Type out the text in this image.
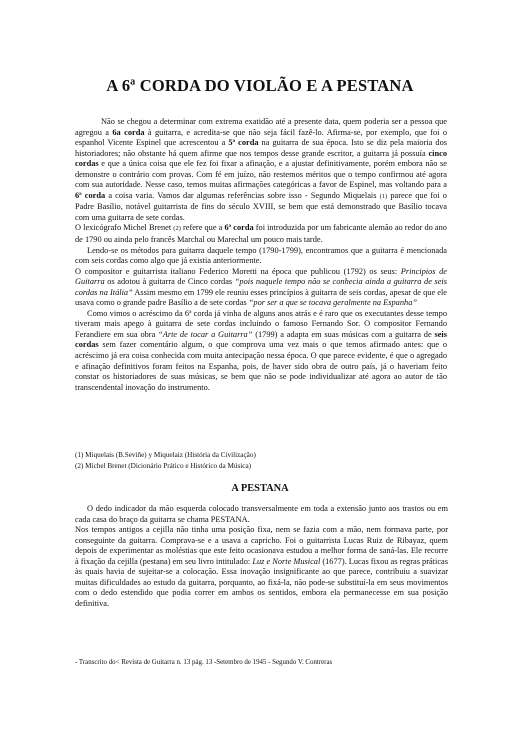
A 6ª CORDA DO VIOLÃO E A PESTANA

Não se chegou a determinar com extrema exatidão até a presente data, quem poderia ser a pessoa que agregou a 6a corda à guitarra, e acredita-se que não seja fácil fazê-lo. Afirma-se, por exemplo, que foi o espanhol Vicente Espinel que acrescentou a 5ª corda na guitarra de sua época. Isto se diz pela maioria dos historiadores; não obstante há quem afirme que nos tempos desse grande escritor, a guitarra já possuía cinco cordas e que a única coisa que ele fez foi fixar a afinação, e a ajustar definitivamente, porém embora não se demonstre o contrário com provas. Com fé em juízo, não restemos méritos que o tempo confirmou até agora com sua autoridade. Nesse caso, temos muitas afirmações categóricas a favor de Espinel, mas voltando para a 6ª corda a coisa varia. Vamos dar algumas referências sobre isso - Segundo Miquelais (1) parece que foi o Padre Basílio, notável guitarrista de fins do século XVIII, se bem que está demonstrado que Basílio tocava com uma guitarra de sete cordas.

O lexicógrafo Michel Brenet (2) refere que a 6ª corda foi introduzida por um fabricante alemão ao redor do ano de 1790 ou ainda pelo francês Marchal ou Marechal um pouco mais tarde.

Lendo-se os métodos para guitarra daquele tempo (1790-1799), encontramos que a guitarra é mencionada com seis cordas como algo que já existia anteriormente.

O compositor e guitarrista italiano Federico Moretti na época que publicou (1792) os seus: Principios de Guitarra os adotou à guitarra de Cinco cordas “pois naquele tempo não se conhecia ainda a guitarra de seis cordas na Itália” Assim mesmo em 1799 ele reuniu esses princípios à guitarra de seis cordas, apesar de que ele usava como o grande padre Basílio a de sete cordas “por ser a que se tocava geralmente na Espanha”

Como vimos o acréscimo da 6ª corda já vinha de alguns anos atrás e é raro que os executantes desse tempo tiveram mais apego à guitarra de sete cordas incluindo o famoso Fernando Sor. O compositor Fernando Ferandiere em sua obra “Arte de tocar a Guitarra” (1799) a adapta em suas músicas com a guitarra de seis cordas sem fazer comentário algum, o que comprova uma vez mais o que temos afirmado antes: que o acréscimo já era coisa conhecida com muita antecipação nessa época. O que parece evidente, é que o agregado e afinação definitivos foram feitos na Espanha, pois, de haver sido obra de outro país, já o haveriam feito constar os historiadores de suas músicas, se bem que não se pode individualizar até agora ao autor de tão transcendental inovação do instrumento.

(1) Miquelais (B.Seviñe) y Miquelaiz (História da Civilização)

(2) Michel Brenet (Dicionário Prático e Histórico da Música)

A PESTANA

O dedo indicador da mão esquerda colocado transversalmente em toda a extensão junto aos trastos ou em cada casa do braço da guitarra se chama PESTANA.

Nos tempos antigos a cejilla não tinha uma posição fixa, nem se fazia com a mão, nem formava parte, por conseguinte da guitarra. Comprava-se e a usava a capricho. Foi o guitarrista Lucas Ruiz de Ribayaz, quem depois de experimentar as moléstias que este feito ocasionava estudou a melhor forma de saná-las. Ele recorre à fixação da cejilla (pestana) em seu livro intitulado: Luz e Norte Musical (1677). Lucas fixou as regras práticas às quais havia de sujeitar-se a colocação. Essa inovação insignificante ao que parece, contribuiu a suavizar muitas dificuldades ao estudo da guitarra, porquanto, ao fixá-la, não pode-se substituí-la em seus movimentos com o dedo estendido que podia correr em ambos os sentidos, embora ela permanecesse em sua posição definitiva.

- Transcrito do< Revista de Guitarra n. 13 pág. 13 -Setembro de 1945 - Segundo V. Contreras
